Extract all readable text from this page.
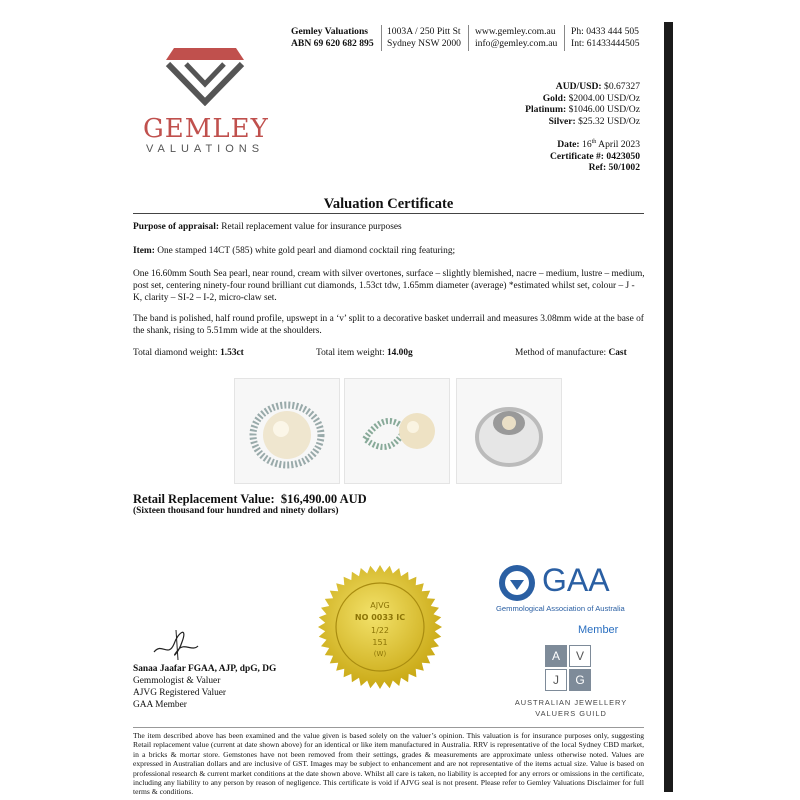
Gemley Valuations
ABN 69 620 682 895
1003A / 250 Pitt St
Sydney NSW 2000
www.gemley.com.au
info@gemley.com.au
Ph: 0433 444 505
Int: 61433444505
GEMLEY
VALUATIONS
AUD/USD: $0.67327
Gold: $2004.00 USD/Oz
Platinum: $1046.00 USD/Oz
Silver: $25.32 USD/Oz
Date: 16th April 2023
Certificate #: 0423050
Ref: 50/1002
Valuation Certificate
Purpose of appraisal: Retail replacement value for insurance purposes
Item: One stamped 14CT (585) white gold pearl and diamond cocktail ring featuring;
One 16.60mm South Sea pearl, near round, cream with silver overtones, surface – slightly blemished, nacre – medium, lustre – medium, post set, centering ninety-four round brilliant cut diamonds, 1.53ct tdw, 1.65mm diameter (average) *estimated whilst set, colour – J - K, clarity – SI-2 – I-2, micro-claw set.
The band is polished, half round profile, upswept in a ‘v’ split to a decorative basket underrail and measures 3.08mm wide at the base of the shank, rising to 5.51mm wide at the shoulders.
Total diamond weight: 1.53ct	Total item weight: 14.00g	Method of manufacture: Cast
Retail Replacement Value: $16,490.00 AUD
(Sixteen thousand four hundred and ninety dollars)
AJVG
NO 0033 IC
1/22
151
(W)
Sanaa Jaafar FGAA, AJP, dpG, DG
Gemmologist & Valuer
AJVG Registered Valuer
GAA Member
GAA
Gemmological Association of Australia
Member
A	V
J	G
AUSTRALIAN JEWELLERY
VALUERS GUILD
The item described above has been examined and the value given is based solely on the valuer’s opinion. This valuation is for insurance purposes only, suggesting Retail replacement value (current at date shown above) for an identical or like item manufactured in Australia. RRV is representative of the local Sydney CBD market, in a bricks & mortar store. Gemstones have not been removed from their settings, grades & measurements are approximate unless otherwise noted. Values are expressed in Australian dollars and are inclusive of GST. Images may be subject to enhancement and are not representative of the items actual size. Value is based on professional research & current market conditions at the date shown above. Whilst all care is taken, no liability is accepted for any errors or omissions in the certificate, including any liability to any person by reason of negligence. This certificate is void if AJVG seal is not present. Please refer to Gemley Valuations Disclaimer for full terms & conditions.
